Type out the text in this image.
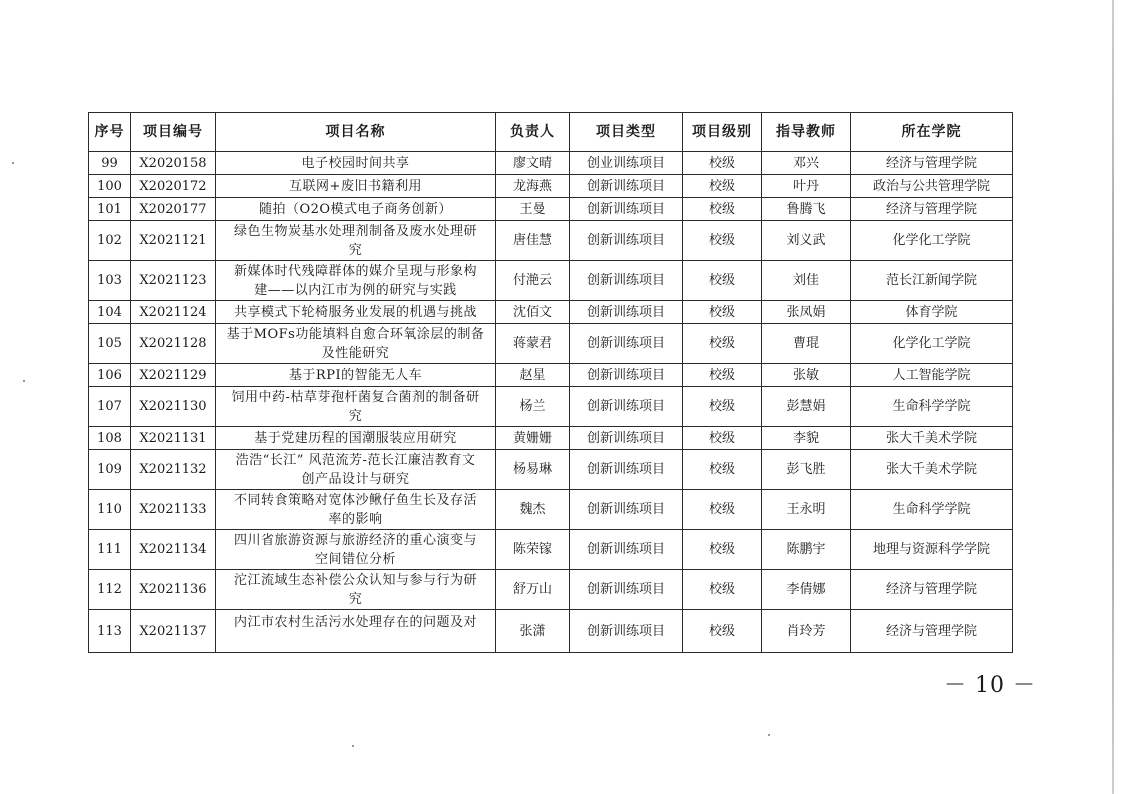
序号	项目编号	项目名称	负责人	项目类型	项目级别	指导教师	所在学院
99	X2020158	电子校园时间共享	廖文晴	创业训练项目	校级	邓兴	经济与管理学院
100	X2020172	互联网+废旧书籍利用	龙海燕	创新训练项目	校级	叶丹	政治与公共管理学院
101	X2020177	随拍（O2O模式电子商务创新）	王曼	创新训练项目	校级	鲁腾飞	经济与管理学院
102	X2021121	绿色生物炭基水处理剂制备及废水处理研
究	唐佳慧	创新训练项目	校级	刘义武	化学化工学院
103	X2021123	新媒体时代残障群体的媒介呈现与形象构
建——以内江市为例的研究与实践	付滟云	创新训练项目	校级	刘佳	范长江新闻学院
104	X2021124	共享模式下轮椅服务业发展的机遇与挑战	沈佰文	创新训练项目	校级	张凤娟	体育学院
105	X2021128	基于MOFs功能填料自愈合环氧涂层的制备
及性能研究	蒋蒙君	创新训练项目	校级	曹琨	化学化工学院
106	X2021129	基于RPI的智能无人车	赵星	创新训练项目	校级	张敏	人工智能学院
107	X2021130	饲用中药-枯草芽孢杆菌复合菌剂的制备研
究	杨兰	创新训练项目	校级	彭慧娟	生命科学学院
108	X2021131	基于党建历程的国潮服装应用研究	黄姗姗	创新训练项目	校级	李貌	张大千美术学院
109	X2021132	浩浩“长江” 风范流芳-范长江廉洁教育文
创产品设计与研究	杨易琳	创新训练项目	校级	彭飞胜	张大千美术学院
110	X2021133	不同转食策略对宽体沙鳅仔鱼生长及存活
率的影响	魏杰	创新训练项目	校级	王永明	生命科学学院
111	X2021134	四川省旅游资源与旅游经济的重心演变与
空间错位分析	陈荣镓	创新训练项目	校级	陈鹏宇	地理与资源科学学院
112	X2021136	沱江流域生态补偿公众认知与参与行为研
究	舒万山	创新训练项目	校级	李倩娜	经济与管理学院
113	X2021137	内江市农村生活污水处理存在的问题及对	张潇	创新训练项目	校级	肖玲芳	经济与管理学院
－ 10 －
